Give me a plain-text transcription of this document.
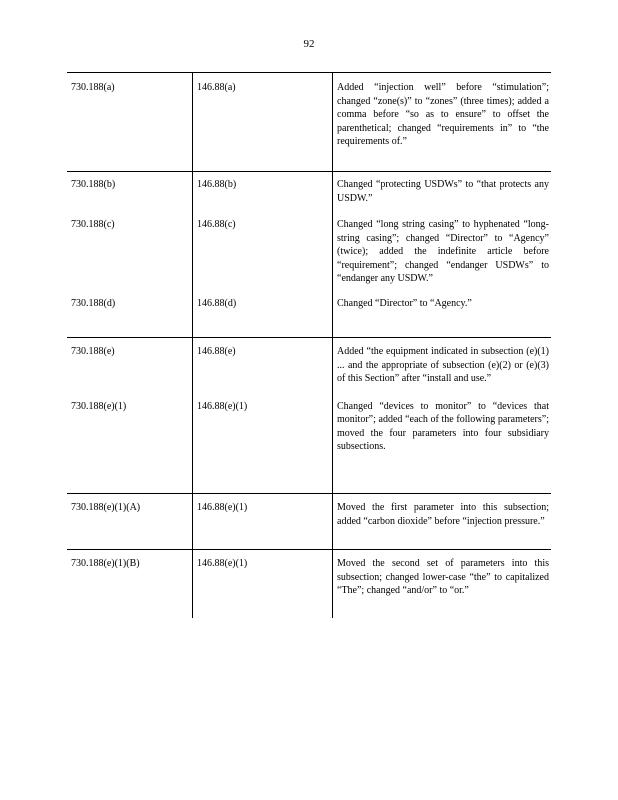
92
730.188(a)	146.88(a)	Added “injection well” before “stimulation”; changed “zone(s)” to “zones” (three times); added a comma before “so as to ensure” to offset the parenthetical; changed “requirements in” to “the requirements of.”
730.188(b)	146.88(b)	Changed “protecting USDWs” to “that protects any USDW.”
730.188(c)	146.88(c)	Changed “long string casing” to hyphenated “long-string casing”; changed “Director” to “Agency” (twice); added the indefinite article before “requirement”; changed “endanger USDWs” to “endanger any USDW.”
730.188(d)	146.88(d)	Changed “Director” to “Agency.”
730.188(e)	146.88(e)	Added “the equipment indicated in subsection (e)(1) ... and the appropriate of subsection (e)(2) or (e)(3) of this Section” after “install and use.”
730.188(e)(1)	146.88(e)(1)	Changed “devices to monitor” to “devices that monitor”; added “each of the following parameters”; moved the four parameters into four subsidiary subsections.
730.188(e)(1)(A)	146.88(e)(1)	Moved the first parameter into this subsection; added “carbon dioxide” before “injection pressure.”
730.188(e)(1)(B)	146.88(e)(1)	Moved the second set of parameters into this subsection; changed lower-case “the” to capitalized “The”; changed “and/or” to “or.”
